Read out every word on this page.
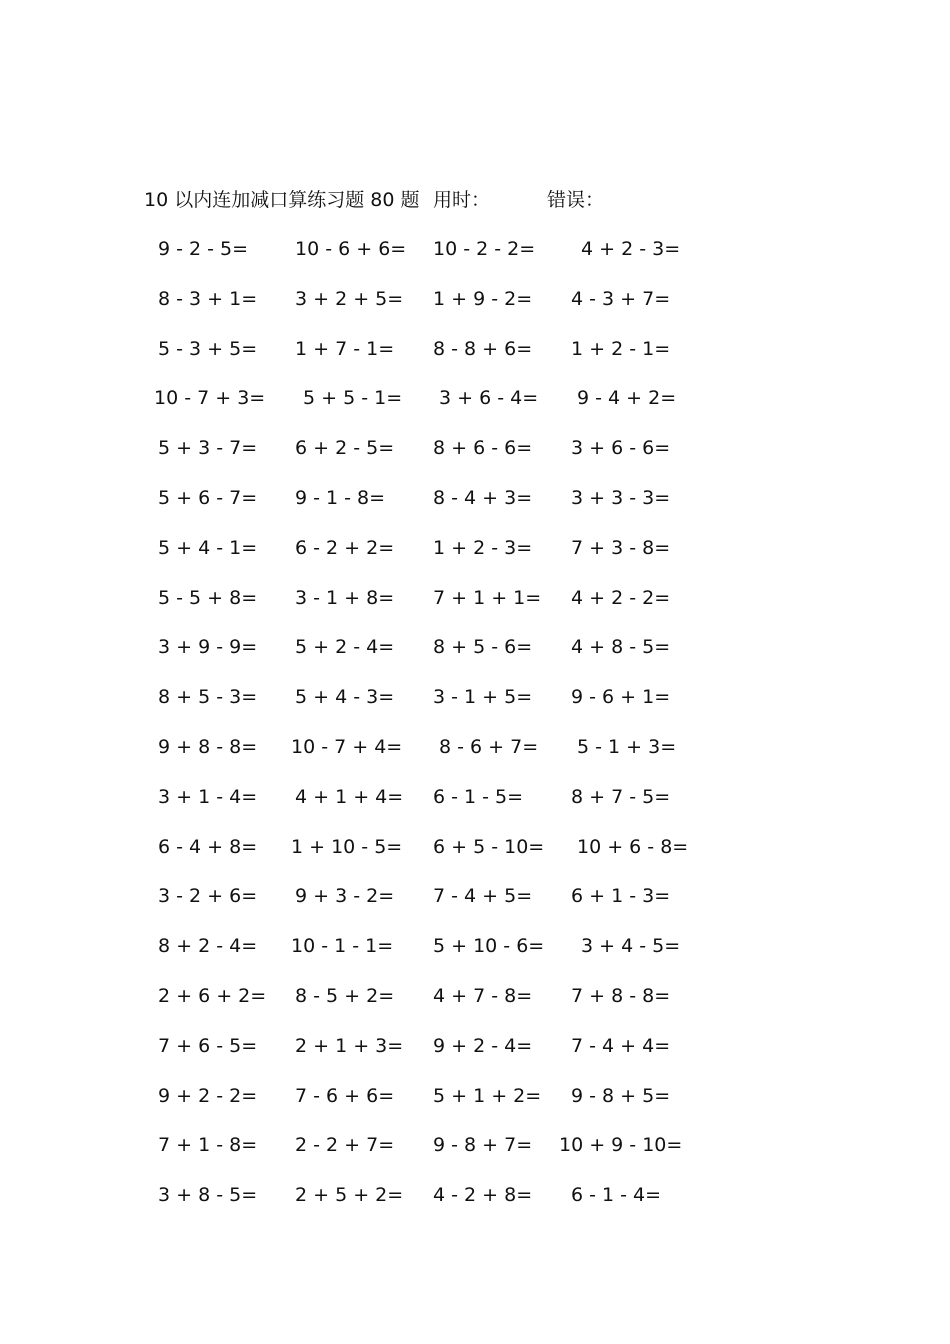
10 以内连加减口算练习题 80 题 用时：	错误：
9 - 2 - 5= 10 - 6 + 6= 10 - 2 - 2= 4 + 2 - 3=
8 - 3 + 1= 3 + 2 + 5= 1 + 9 - 2= 4 - 3 + 7=
5 - 3 + 5= 1 + 7 - 1= 8 - 8 + 6= 1 + 2 - 1=
10 - 7 + 3= 5 + 5 - 1= 3 + 6 - 4= 9 - 4 + 2=
5 + 3 - 7= 6 + 2 - 5= 8 + 6 - 6= 3 + 6 - 6=
5 + 6 - 7= 9 - 1 - 8=	8 - 4 + 3= 3 + 3 - 3=
5 + 4 - 1= 6 - 2 + 2= 1 + 2 - 3= 7 + 3 - 8=
5 - 5 + 8= 3 - 1 + 8= 7 + 1 + 1= 4 + 2 - 2=
3 + 9 - 9= 5 + 2 - 4= 8 + 5 - 6= 4 + 8 - 5=
8 + 5 - 3= 5 + 4 - 3= 3 - 1 + 5= 9 - 6 + 1=
9 + 8 - 8= 10 - 7 + 4= 8 - 6 + 7= 5 - 1 + 3=
3 + 1 - 4= 4 + 1 + 4= 6 - 1 - 5=	8 + 7 - 5=
6 - 4 + 8= 1 + 10 - 5= 6 + 5 - 10= 10 + 6 - 8=
3 - 2 + 6= 9 + 3 - 2= 7 - 4 + 5= 6 + 1 - 3=
8 + 2 - 4= 10 - 1 - 1= 5 + 10 - 6= 3 + 4 - 5=
2 + 6 + 2= 8 - 5 + 2= 4 + 7 - 8= 7 + 8 - 8=
7 + 6 - 5= 2 + 1 + 3= 9 + 2 - 4= 7 - 4 + 4=
9 + 2 - 2= 7 - 6 + 6= 5 + 1 + 2= 9 - 8 + 5=
7 + 1 - 8= 2 - 2 + 7= 9 - 8 + 7= 10 + 9 - 10=
3 + 8 - 5= 2 + 5 + 2= 4 - 2 + 8= 6 - 1 - 4=
